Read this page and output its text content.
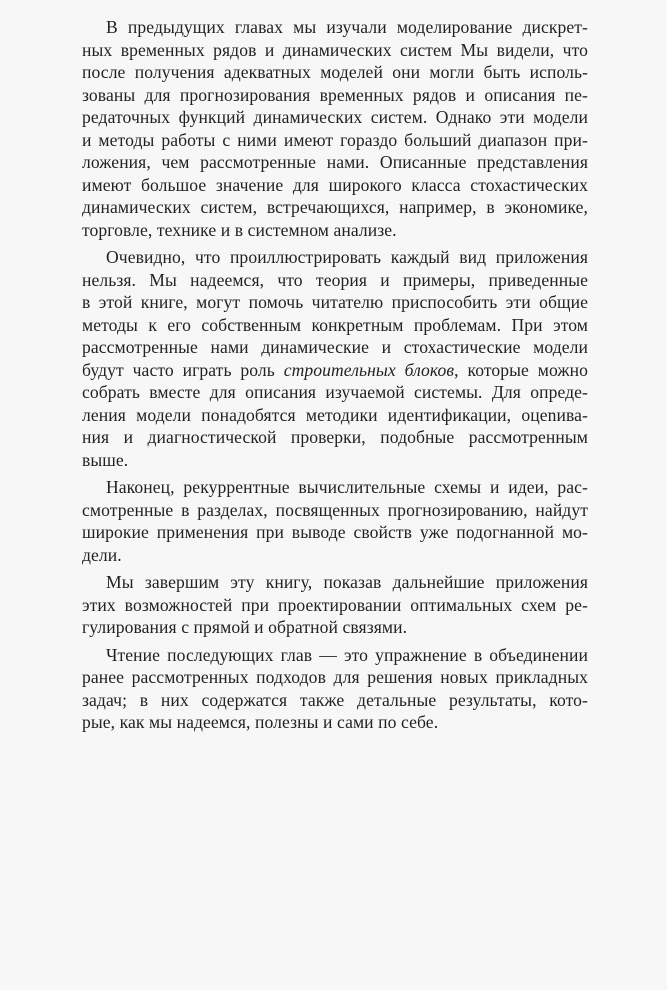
В предыдущих главах мы изучали моделирование дискрет-
ных временных рядов и динамических систем Мы видели, что
после получения адекватных моделей они могли быть исполь-
зованы для прогнозирования временных рядов и описания пе-
редаточных функций динамических систем. Однако эти модели
и методы работы с ними имеют гораздо больший диапазон при-
ложения, чем рассмотренные нами. Описанные представления
имеют большое значение для широкого класса стохастических
динамических систем, встречающихся, например, в экономике,
торговле, технике и в системном анализе.

Очевидно, что проиллюстрировать каждый вид приложения
нельзя. Мы надеемся, что теория и примеры, приведенные
в этой книге, могут помочь читателю приспособить эти общие
методы к его собственным конкретным проблемам. При этом
рассмотренные нами динамические и стохастические модели
будут часто играть роль строительных блоков, которые можно
собрать вместе для описания изучаемой системы. Для опреде-
ления модели понадобятся методики идентификации, оцenива-
ния и диагностической проверки, подобные рассмотренным
выше.

Наконец, рекуррентные вычислительные схемы и идеи, рас-
смотренные в разделах, посвященных прогнозированию, найдут
широкие применения при выводе свойств уже подогнанной мо-
дели.

Мы завершим эту книгу, показав дальнейшие приложения
этих возможностей при проектировании оптимальных схем ре-
гулирования с прямой и обратной связями.

Чтение последующих глав — это упражнение в объединении
ранее рассмотренных подходов для решения новых прикладных
задач; в них содержатся также детальные результаты, кото-
рые, как мы надеемся, полезны и сами по себе.
